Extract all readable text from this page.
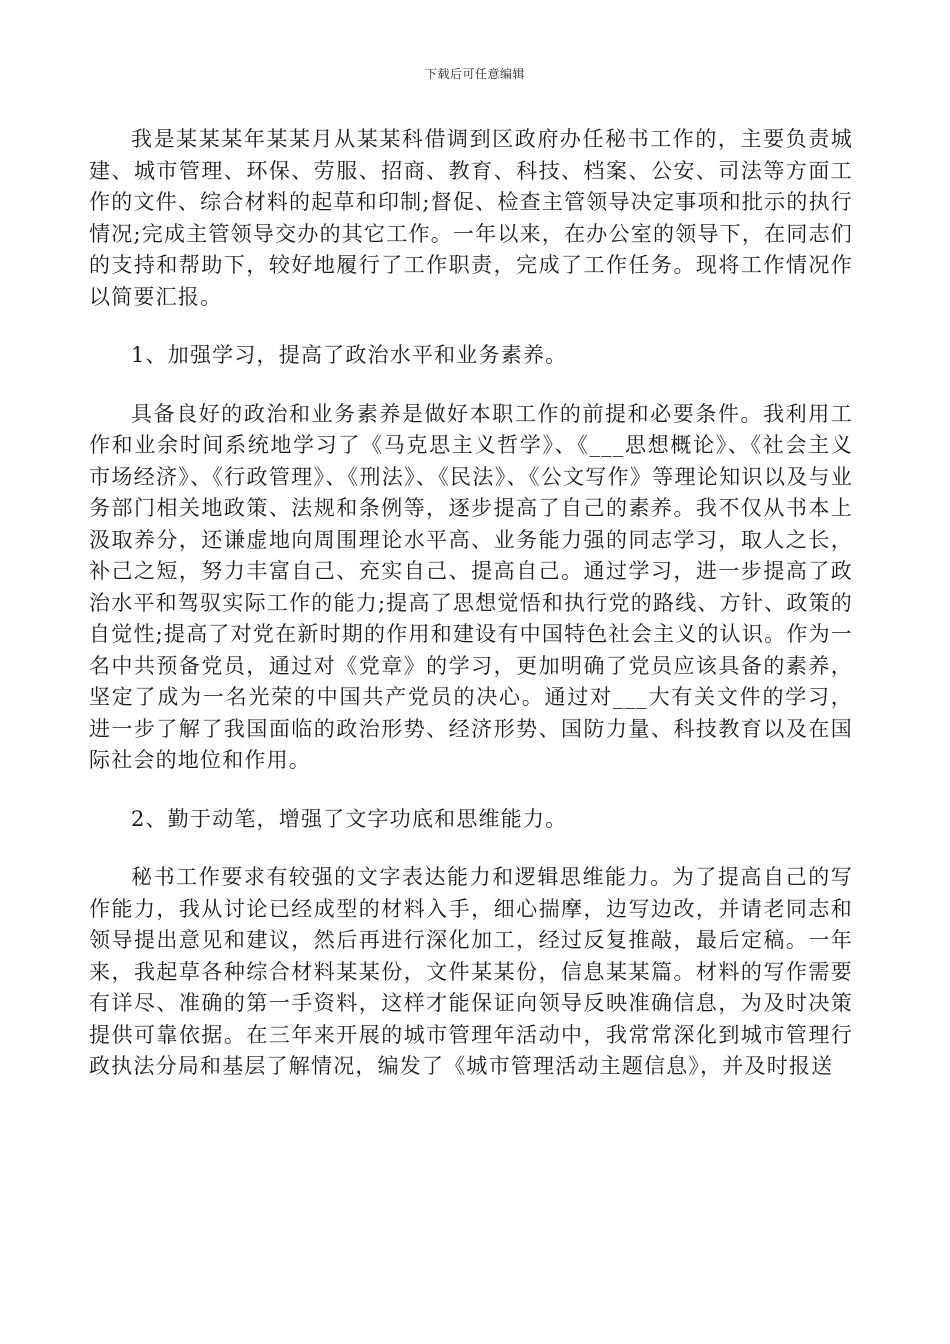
下载后可任意编辑

我是某某某年某某月从某某科借调到区政府办任秘书工作的，主要负责城建、城市管理、环保、劳服、招商、教育、科技、档案、公安、司法等方面工作的文件、综合材料的起草和印制;督促、检查主管领导决定事项和批示的执行情况;完成主管领导交办的其它工作。一年以来，在办公室的领导下，在同志们的支持和帮助下，较好地履行了工作职责，完成了工作任务。现将工作情况作以简要汇报。

1、加强学习，提高了政治水平和业务素养。

具备良好的政治和业务素养是做好本职工作的前提和必要条件。我利用工作和业余时间系统地学习了《马克思主义哲学》、《___思想概论》、《社会主义市场经济》、《行政管理》、《刑法》、《民法》、《公文写作》等理论知识以及与业务部门相关地政策、法规和条例等，逐步提高了自己的素养。我不仅从书本上汲取养分，还谦虚地向周围理论水平高、业务能力强的同志学习，取人之长，补己之短，努力丰富自己、充实自己、提高自己。通过学习，进一步提高了政治水平和驾驭实际工作的能力;提高了思想觉悟和执行党的路线、方针、政策的自觉性;提高了对党在新时期的作用和建设有中国特色社会主义的认识。作为一名中共预备党员，通过对《党章》的学习，更加明确了党员应该具备的素养，坚定了成为一名光荣的中国共产党员的决心。通过对___大有关文件的学习，进一步了解了我国面临的政治形势、经济形势、国防力量、科技教育以及在国际社会的地位和作用。

2、勤于动笔，增强了文字功底和思维能力。

秘书工作要求有较强的文字表达能力和逻辑思维能力。为了提高自己的写作能力，我从讨论已经成型的材料入手，细心揣摩，边写边改，并请老同志和领导提出意见和建议，然后再进行深化加工，经过反复推敲，最后定稿。一年来，我起草各种综合材料某某份，文件某某份，信息某某篇。材料的写作需要有详尽、准确的第一手资料，这样才能保证向领导反映准确信息，为及时决策提供可靠依据。在三年来开展的城市管理年活动中，我常常深化到城市管理行政执法分局和基层了解情况，编发了《城市管理活动主题信息》，并及时报送
